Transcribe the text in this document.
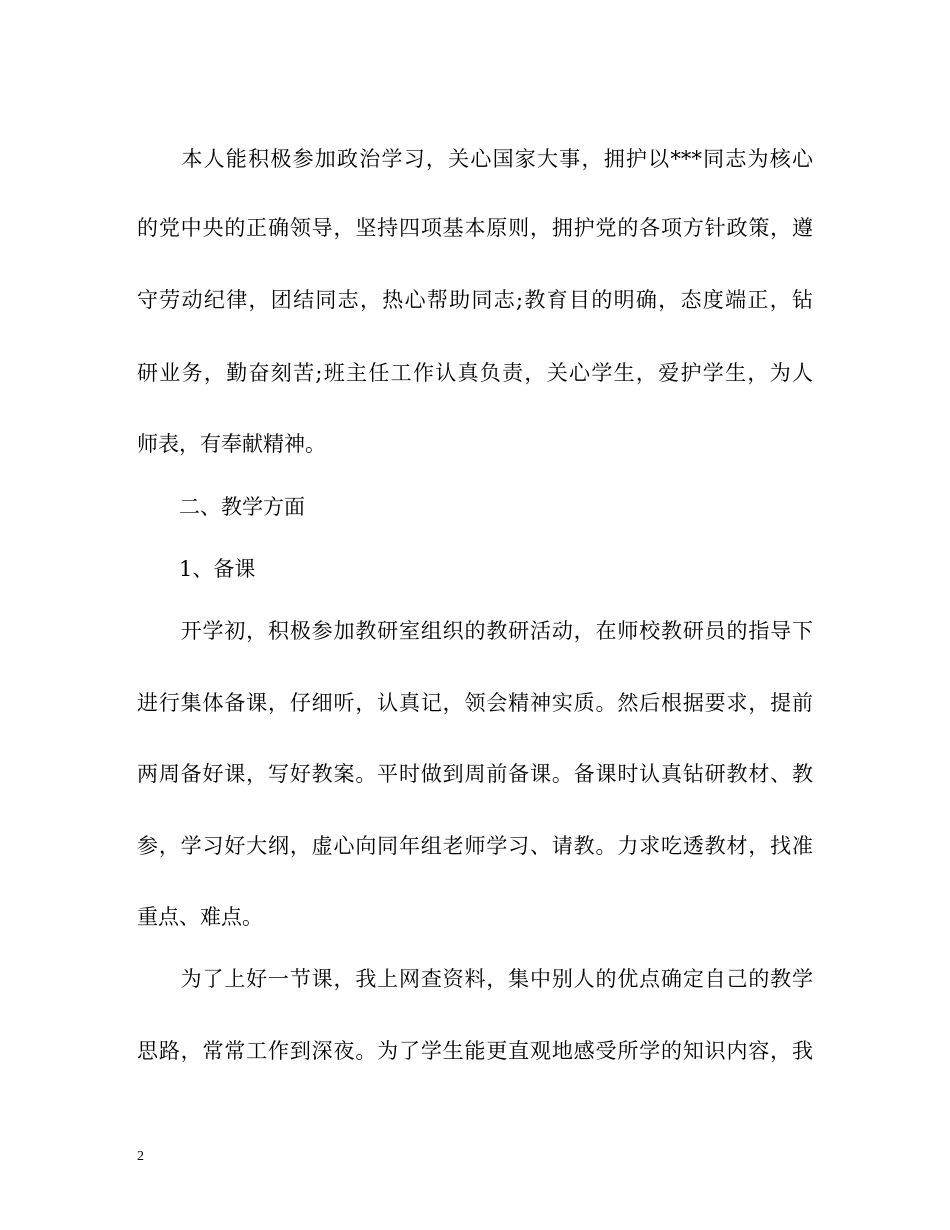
　　本人能积极参加政治学习，关心国家大事，拥护以***同志为核心
的党中央的正确领导，坚持四项基本原则，拥护党的各项方针政策，遵
守劳动纪律，团结同志，热心帮助同志;教育目的明确，态度端正，钻
研业务，勤奋刻苦;班主任工作认真负责，关心学生，爱护学生，为人
师表，有奉献精神。
　　二、教学方面
　　1、备课
　　开学初，积极参加教研室组织的教研活动，在师校教研员的指导下
进行集体备课，仔细听，认真记，领会精神实质。然后根据要求，提前
两周备好课，写好教案。平时做到周前备课。备课时认真钻研教材、教
参，学习好大纲，虚心向同年组老师学习、请教。力求吃透教材，找准
重点、难点。
　　为了上好一节课，我上网查资料，集中别人的优点确定自己的教学
思路，常常工作到深夜。为了学生能更直观地感受所学的知识内容，我
2
